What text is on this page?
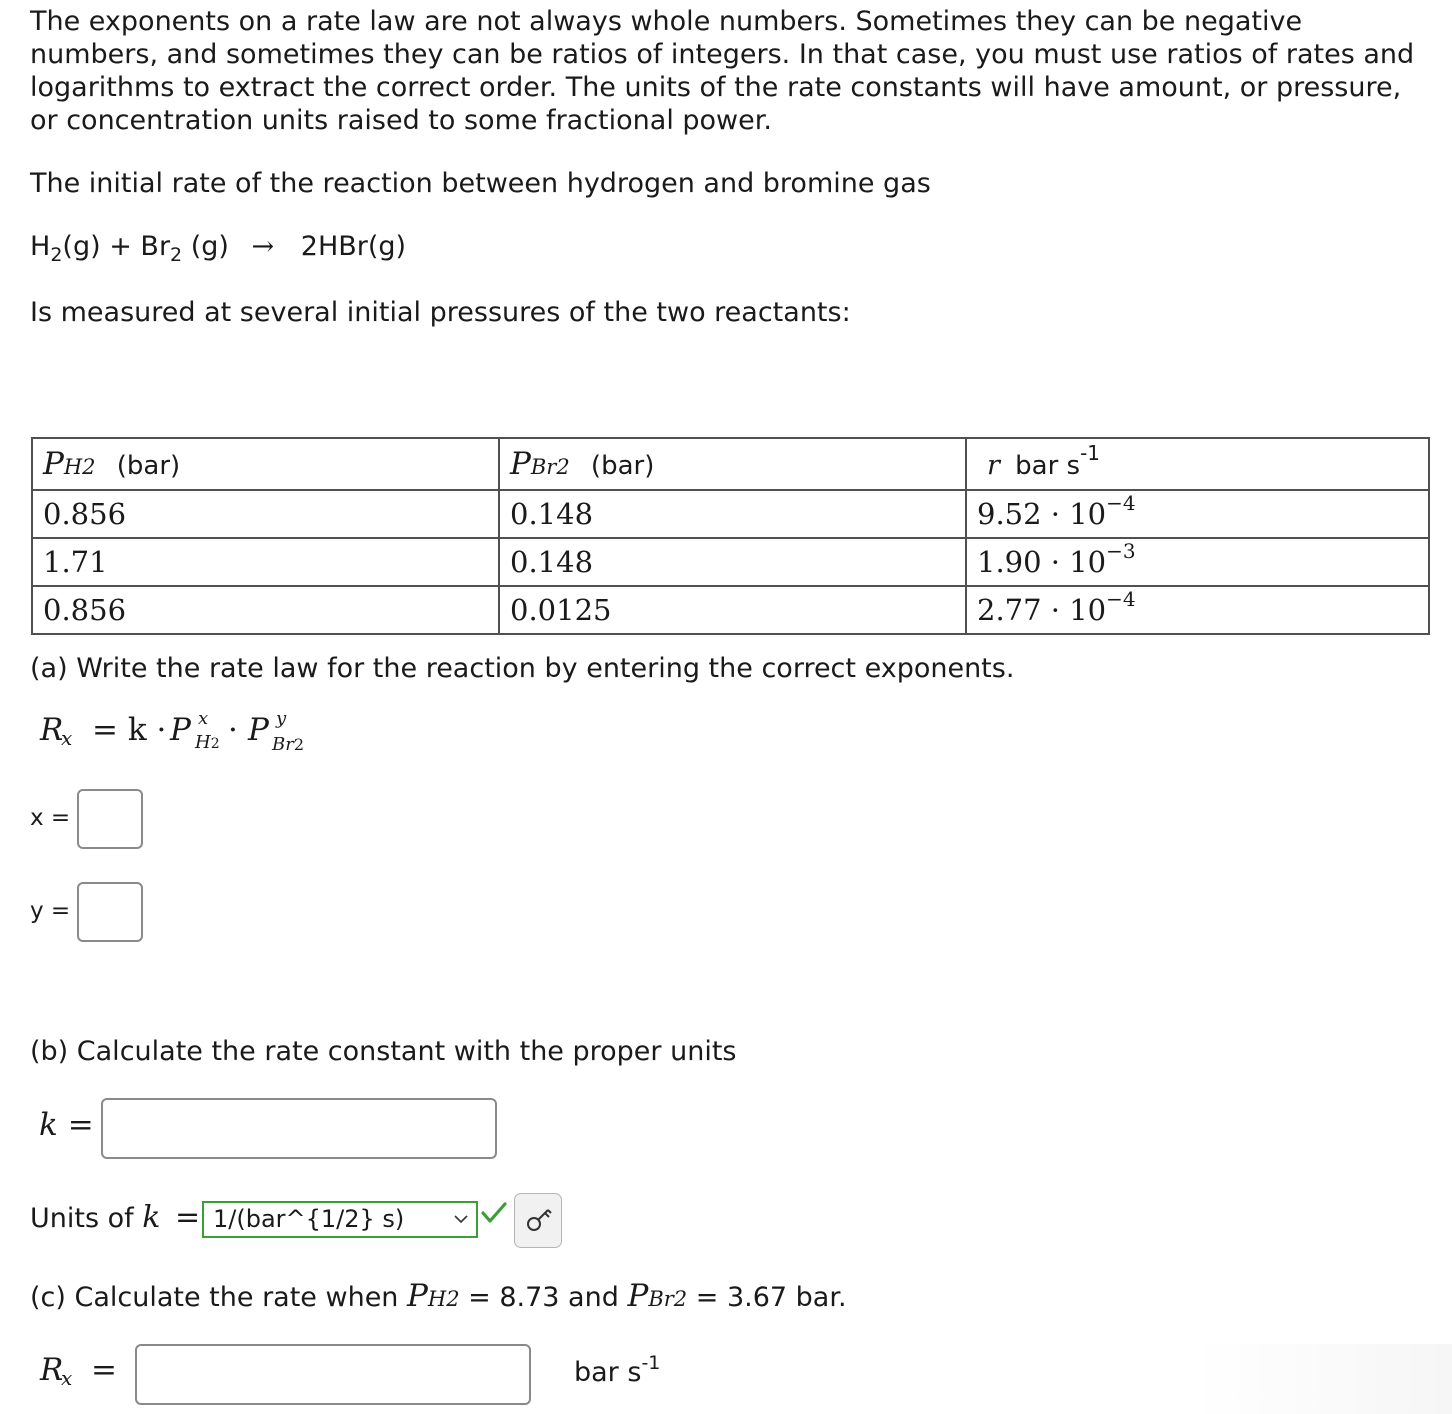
The exponents on a rate law are not always whole numbers. Sometimes they can be negative numbers, and sometimes they can be ratios of integers. In that case, you must use ratios of rates and logarithms to extract the correct order. The units of the rate constants will have amount, or pressure, or concentration units raised to some fractional power.

The initial rate of the reaction between hydrogen and bromine gas
$H_2(g) + Br_2$ (g) → 2HBr(g)
Is measured at several initial pressures of the two reactants:
PH2 (bar)	PBr2 (bar)	r bar $s^{-1}$
0.856	0.148	$9.52 \cdot 10^{-4}$
1.71	0.148	$1.90 \cdot 10^{-3}$
0.856	0.0125	$2.77 \cdot 10^{-4}$
(a) Write the rate law for the reaction by entering the correct exponents.
R
x = k · P x
H2 · P y
Br2
x =
y =
(b) Calculate the rate constant with the proper units
k =
Units of k = 1/(bar^{1/2} s)
(c) Calculate the rate when PH2 = 8.73 and PBr2 = 3.67 bar.
R
x =	bar $s^{-1}$
